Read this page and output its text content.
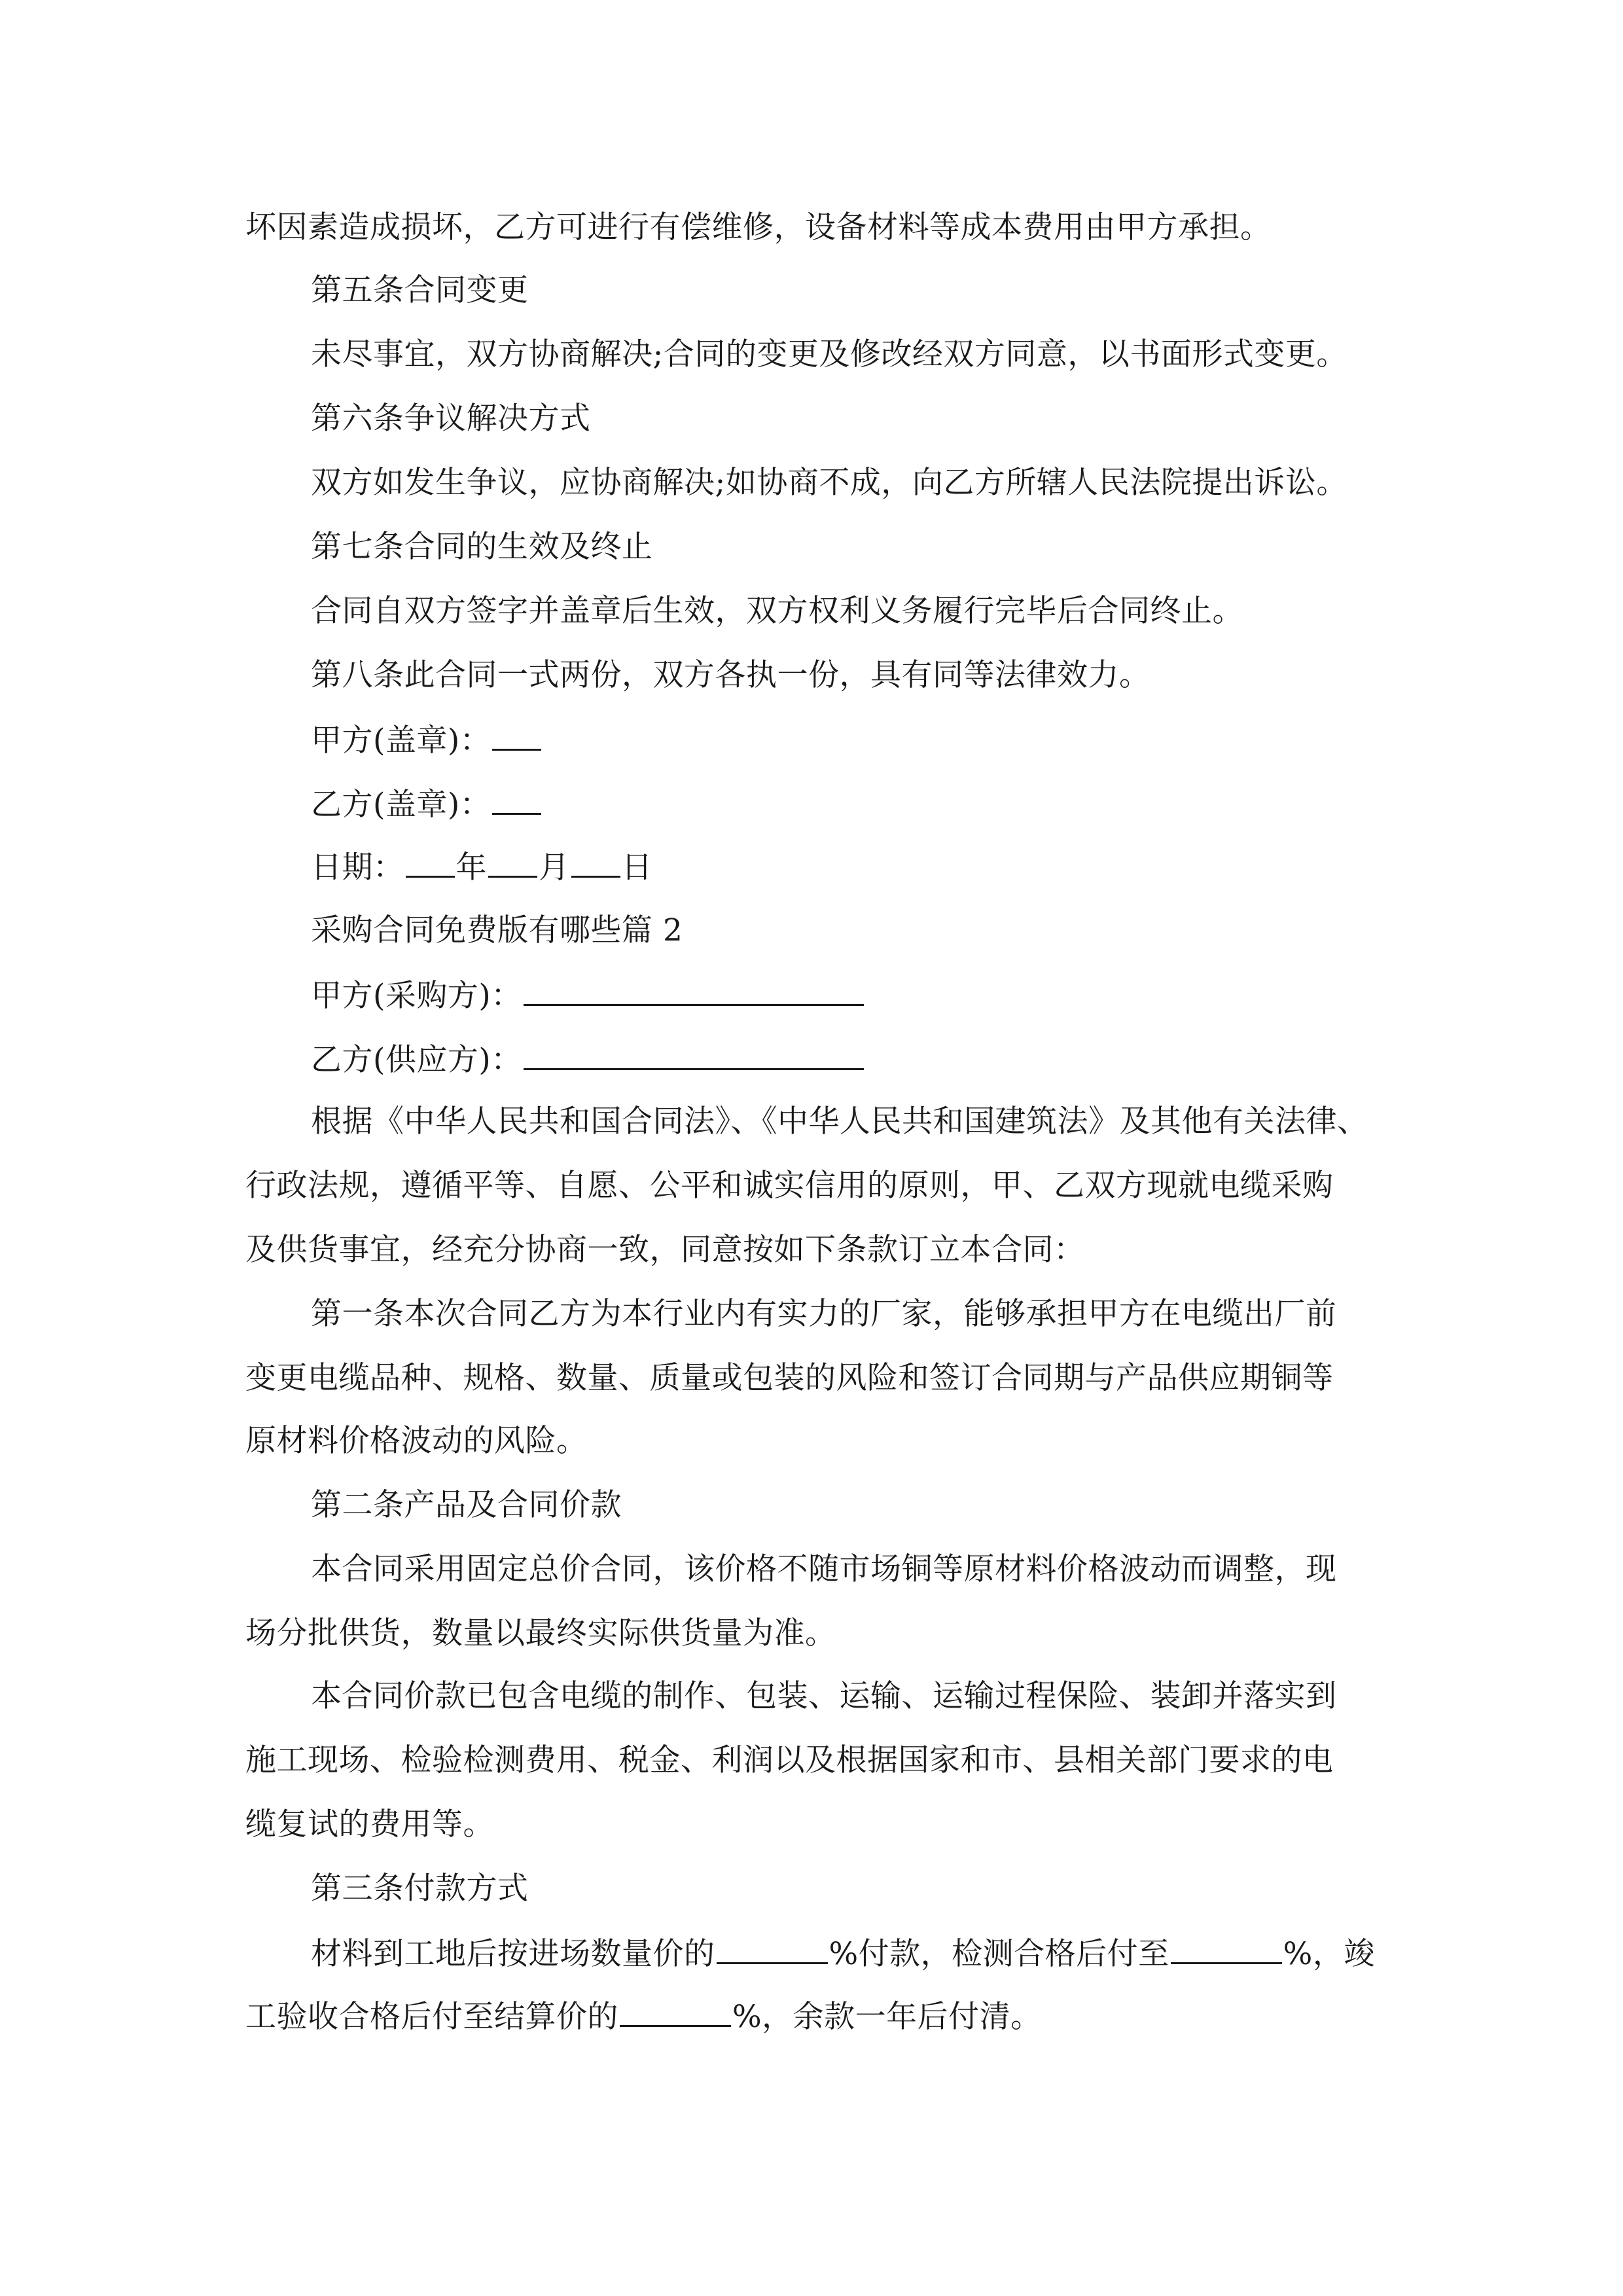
坏因素造成损坏，乙方可进行有偿维修，设备材料等成本费用由甲方承担。
第五条合同变更
未尽事宜，双方协商解决;合同的变更及修改经双方同意，以书面形式变更。
第六条争议解决方式
双方如发生争议，应协商解决;如协商不成，向乙方所辖人民法院提出诉讼。
第七条合同的生效及终止
合同自双方签字并盖章后生效，双方权利义务履行完毕后合同终止。
第八条此合同一式两份，双方各执一份，具有同等法律效力。
甲方(盖章)：
乙方(盖章)：
日期： 年 月 日
采购合同免费版有哪些篇 2
甲方(采购方)：
乙方(供应方)：
根据《中华人民共和国合同法》、《中华人民共和国建筑法》及其他有关法律、
行政法规，遵循平等、自愿、公平和诚实信用的原则，甲、乙双方现就电缆采购
及供货事宜，经充分协商一致，同意按如下条款订立本合同：
第一条本次合同乙方为本行业内有实力的厂家，能够承担甲方在电缆出厂前
变更电缆品种、规格、数量、质量或包装的风险和签订合同期与产品供应期铜等
原材料价格波动的风险。
第二条产品及合同价款
本合同采用固定总价合同，该价格不随市场铜等原材料价格波动而调整，现
场分批供货，数量以最终实际供货量为准。
本合同价款已包含电缆的制作、包装、运输、运输过程保险、装卸并落实到
施工现场、检验检测费用、税金、利润以及根据国家和市、县相关部门要求的电
缆复试的费用等。
第三条付款方式
材料到工地后按进场数量价的	%付款，检测合格后付至	%，竣
工验收合格后付至结算价的	%，余款一年后付清。
